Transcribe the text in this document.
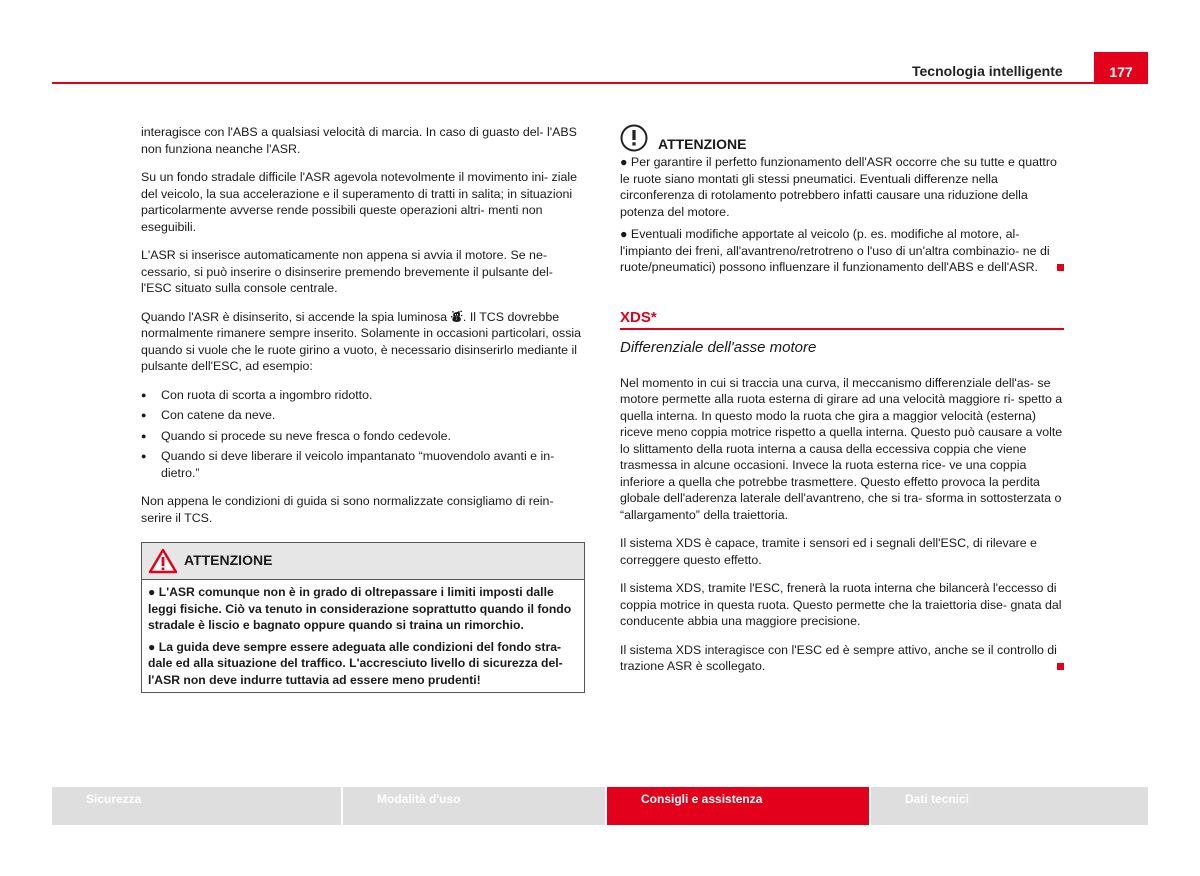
Tecnologia intelligente	177

interagisce con l'ABS a qualsiasi velocità di marcia. In caso di guasto del- l'ABS non funziona neanche l'ASR.

Su un fondo stradale difficile l'ASR agevola notevolmente il movimento ini- ziale del veicolo, la sua accelerazione e il superamento di tratti in salita; in situazioni particolarmente avverse rende possibili queste operazioni altri- menti non eseguibili.

L'ASR si inserisce automaticamente non appena si avvia il motore. Se ne- cessario, si può inserire o disinserire premendo brevemente il pulsante del- l'ESC situato sulla console centrale.

Quando l'ASR è disinserito, si accende la spia luminosa ⛇. Il TCS dovrebbe normalmente rimanere sempre inserito. Solamente in occasioni particolari, ossia quando si vuole che le ruote girino a vuoto, è necessario disinserirlo mediante il pulsante dell'ESC, ad esempio:

● Con ruota di scorta a ingombro ridotto.
● Con catene da neve.
● Quando si procede su neve fresca o fondo cedevole.
● Quando si deve liberare il veicolo impantanato “muovendolo avanti e in- dietro.”

Non appena le condizioni di guida si sono normalizzate consigliamo di rein- serire il TCS.

ATTENZIONE

● L'ASR comunque non è in grado di oltrepassare i limiti imposti dalle leggi fisiche. Ciò va tenuto in considerazione soprattutto quando il fondo stradale è liscio e bagnato oppure quando si traina un rimorchio.

● La guida deve sempre essere adeguata alle condizioni del fondo stra- dale ed alla situazione del traffico. L'accresciuto livello di sicurezza del- l'ASR non deve indurre tuttavia ad essere meno prudenti!

ATTENZIONE

● Per garantire il perfetto funzionamento dell'ASR occorre che su tutte e quattro le ruote siano montati gli stessi pneumatici. Eventuali differenze nella circonferenza di rotolamento potrebbero infatti causare una riduzione della potenza del motore.

● Eventuali modifiche apportate al veicolo (p. es. modifiche al motore, al- l'impianto dei freni, all'avantreno/retrotreno o l'uso di un'altra combinazio- ne di ruote/pneumatici) possono influenzare il funzionamento dell'ABS e dell'ASR.

XDS*
Differenziale dell'asse motore

Nel momento in cui si traccia una curva, il meccanismo differenziale dell'as- se motore permette alla ruota esterna di girare ad una velocità maggiore ri- spetto a quella interna. In questo modo la ruota che gira a maggior velocità (esterna) riceve meno coppia motrice rispetto a quella interna. Questo può causare a volte lo slittamento della ruota interna a causa della eccessiva coppia che viene trasmessa in alcune occasioni. Invece la ruota esterna rice- ve una coppia inferiore a quella che potrebbe trasmettere. Questo effetto provoca la perdita globale dell'aderenza laterale dell'avantreno, che si tra- sforma in sottosterzata o “allargamento” della traiettoria.

Il sistema XDS è capace, tramite i sensori ed i segnali dell'ESC, di rilevare e correggere questo effetto.

Il sistema XDS, tramite l'ESC, frenerà la ruota interna che bilancerà l'eccesso di coppia motrice in questa ruota. Questo permette che la traiettoria dise- gnata dal conducente abbia una maggiore precisione.

Il sistema XDS interagisce con l'ESC ed è sempre attivo, anche se il controllo di trazione ASR è scollegato.

Sicurezza	Modalità d'uso	Consigli e assistenza	Dati tecnici
